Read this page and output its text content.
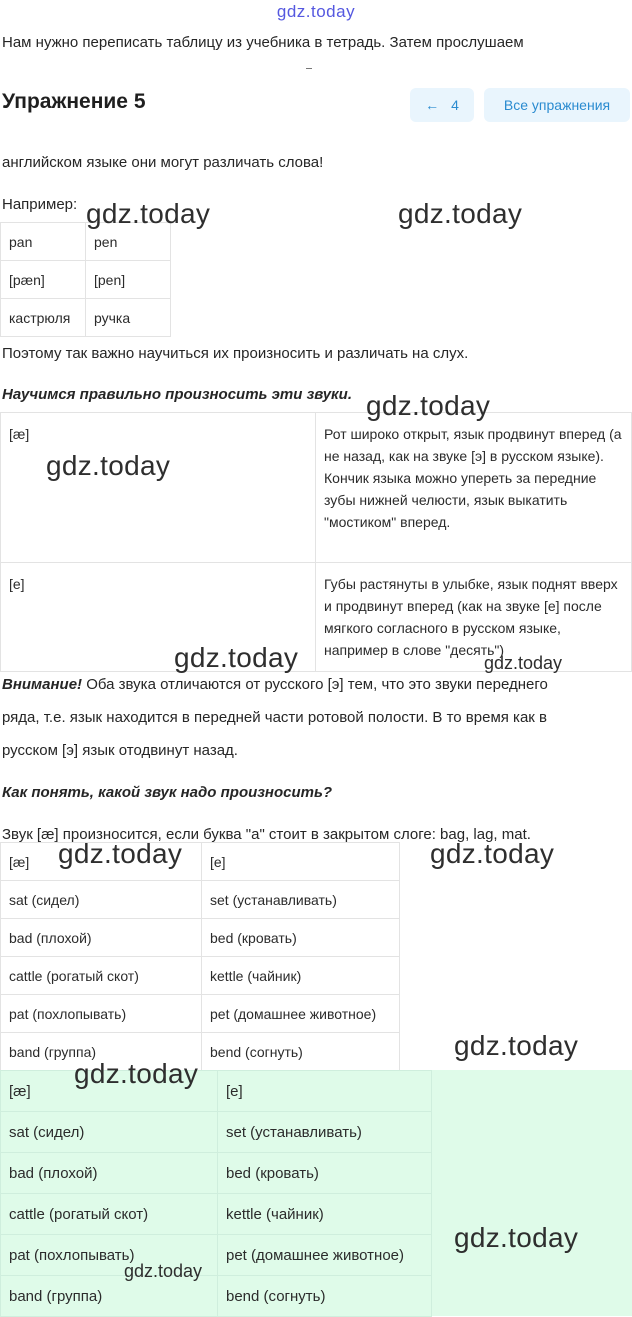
gdz.today
Нам нужно переписать таблицу из учебника в тетрадь. Затем прослушаем
Упражнение 5	← 4	Все упражнения
английском языке они могут различать слова!
Например:
pan	pen
[pæn]	[pen]
кастрюля	ручка
Поэтому так важно научиться их произносить и различать на слух.
Научимся правильно произносить эти звуки.
[æ]	Рот широко открыт, язык продвинут вперед (а не назад, как на звуке [э] в русском языке). Кончик языка можно упереть за передние зубы нижней челюсти, язык выкатить "мостиком" вперед.
[e]	Губы растянуты в улыбке, язык поднят вверх и продвинут вперед (как на звуке [e] после мягкого согласного в русском языке, например в слове "десять")
Внимание! Оба звука отличаются от русского [э] тем, что это звуки переднего
ряда, т.е. язык находится в передней части ротовой полости. В то время как в
русском [э] язык отодвинут назад.
Как понять, какой звук надо произносить?
Звук [æ] произносится, если буква "a" стоит в закрытом слоге: bag, lag, mat.
[æ]	[e]
sat (сидел)	set (устанавливать)
bad (плохой)	bed (кровать)
cattle (рогатый скот)	kettle (чайник)
pat (похлопывать)	pet (домашнее животное)
band (группа)	bend (согнуть)
[æ]	[e]
sat (сидел)	set (устанавливать)
bad (плохой)	bed (кровать)
cattle (рогатый скот)	kettle (чайник)
pat (похлопывать)	pet (домашнее животное)
band (группа)	bend (согнуть)
gdz.today	gdz.today
gdz.today
gdz.today
gdz.today	gdz.today
gdz.today	gdz.today
gdz.today
gdz.today
gdz.today
gdz.today
